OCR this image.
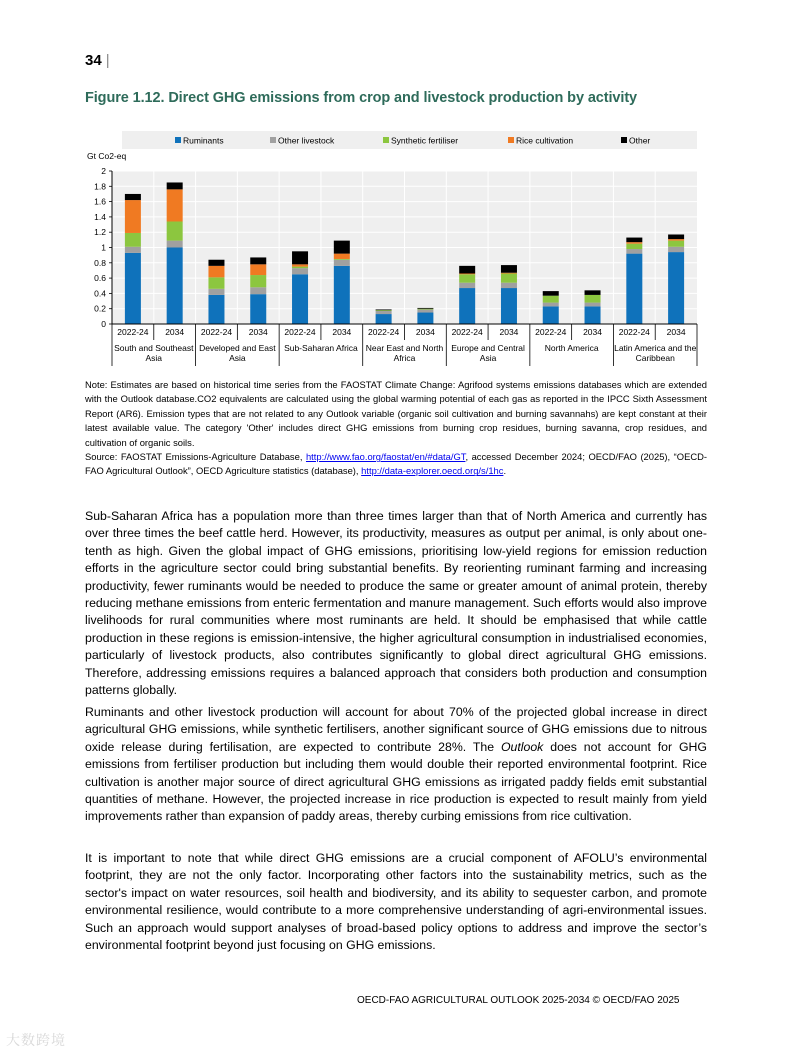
34 |
Figure 1.12. Direct GHG emissions from crop and livestock production by activity
Ruminants	Other livestock	Synthetic fertiliser	Rice cultivation	Other
Gt Co2-eq
0
0.2
0.4
0.6
0.8
1
1.2
1.4
1.6
1.8
2
2022-24 2034 2022-24 2034 2022-24 2034 2022-24 2034 2022-24 2034 2022-24 2034 2022-24 2034
South and Southeast
Asia
Developed and East
Asia
Sub-Saharan Africa Near East and North
Africa
Europe and Central
Asia
North America Latin America and the
Caribbean
Note: Estimates are based on historical time series from the FAOSTAT Climate Change: Agrifood systems emissions databases which are extended with the Outlook database.CO2 equivalents are calculated using the global warming potential of each gas as reported in the IPCC Sixth Assessment Report (AR6). Emission types that are not related to any Outlook variable (organic soil cultivation and burning savannahs) are kept constant at their latest available value. The category 'Other' includes direct GHG emissions from burning crop residues, burning savanna, crop residues, and cultivation of organic soils.
Source: FAOSTAT Emissions-Agriculture Database, http://www.fao.org/faostat/en/#data/GT, accessed December 2024; OECD/FAO (2025), “OECD-FAO Agricultural Outlook”, OECD Agriculture statistics (database), http://data-explorer.oecd.org/s/1hc.

Sub-Saharan Africa has a population more than three times larger than that of North America and currently has over three times the beef cattle herd. However, its productivity, measures as output per animal, is only about one-tenth as high. Given the global impact of GHG emissions, prioritising low-yield regions for emission reduction efforts in the agriculture sector could bring substantial benefits. By reorienting ruminant farming and increasing productivity, fewer ruminants would be needed to produce the same or greater amount of animal protein, thereby reducing methane emissions from enteric fermentation and manure management. Such efforts would also improve livelihoods for rural communities where most ruminants are held. It should be emphasised that while cattle production in these regions is emission-intensive, the higher agricultural consumption in industrialised economies, particularly of livestock products, also contributes significantly to global direct agricultural GHG emissions. Therefore, addressing emissions requires a balanced approach that considers both production and consumption patterns globally.

Ruminants and other livestock production will account for about 70% of the projected global increase in direct agricultural GHG emissions, while synthetic fertilisers, another significant source of GHG emissions due to nitrous oxide release during fertilisation, are expected to contribute 28%. The Outlook does not account for GHG emissions from fertiliser production but including them would double their reported environmental footprint. Rice cultivation is another major source of direct agricultural GHG emissions as irrigated paddy fields emit substantial quantities of methane. However, the projected increase in rice production is expected to result mainly from yield improvements rather than expansion of paddy areas, thereby curbing emissions from rice cultivation.

It is important to note that while direct GHG emissions are a crucial component of AFOLU’s environmental footprint, they are not the only factor. Incorporating other factors into the sustainability metrics, such as the sector's impact on water resources, soil health and biodiversity, and its ability to sequester carbon, and promote environmental resilience, would contribute to a more comprehensive understanding of agri-environmental issues. Such an approach would support analyses of broad-based policy options to address and improve the sector’s environmental footprint beyond just focusing on GHG emissions.

OECD-FAO AGRICULTURAL OUTLOOK 2025-2034 © OECD/FAO 2025
大数跨境
